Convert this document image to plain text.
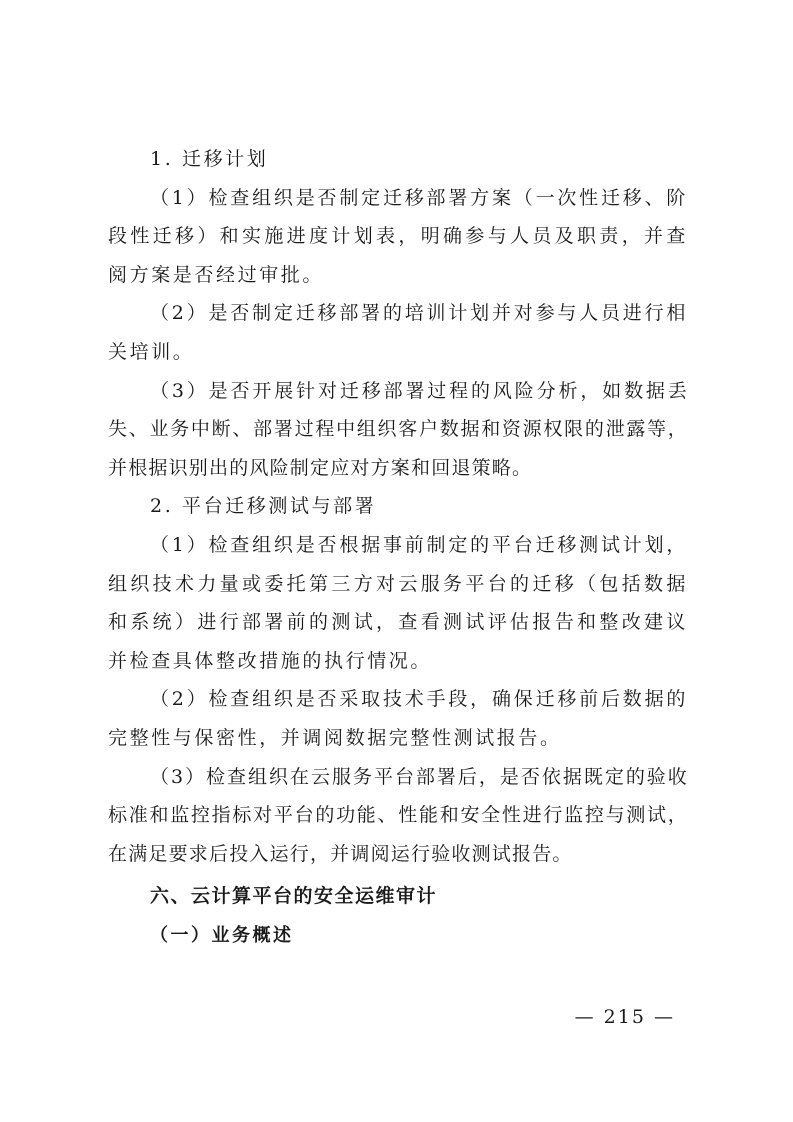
1. 迁移计划

（1）检查组织是否制定迁移部署方案（一次性迁移、阶段性迁移）和实施进度计划表，明确参与人员及职责，并查阅方案是否经过审批。

（2）是否制定迁移部署的培训计划并对参与人员进行相关培训。

（3）是否开展针对迁移部署过程的风险分析，如数据丢失、业务中断、部署过程中组织客户数据和资源权限的泄露等，并根据识别出的风险制定应对方案和回退策略。

2. 平台迁移测试与部署

（1）检查组织是否根据事前制定的平台迁移测试计划，组织技术力量或委托第三方对云服务平台的迁移（包括数据和系统）进行部署前的测试，查看测试评估报告和整改建议并检查具体整改措施的执行情况。

（2）检查组织是否采取技术手段，确保迁移前后数据的完整性与保密性，并调阅数据完整性测试报告。

（3）检查组织在云服务平台部署后，是否依据既定的验收标准和监控指标对平台的功能、性能和安全性进行监控与测试，在满足要求后投入运行，并调阅运行验收测试报告。

六、云计算平台的安全运维审计

（一）业务概述

— 215 —
